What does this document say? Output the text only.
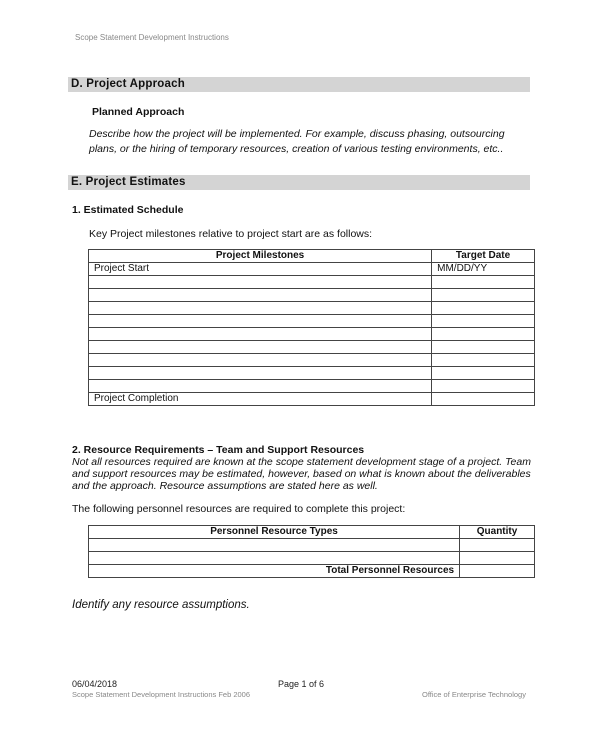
Scope Statement Development Instructions
D. Project Approach
Planned Approach
Describe how the project will be implemented. For example, discuss phasing, outsourcing plans, or the hiring of temporary resources, creation of various testing environments, etc..
E. Project Estimates
1. Estimated Schedule
Key Project milestones relative to project start are as follows:
Project Milestones	Target Date
Project Start	MM/DD/YY

Project Completion	
2. Resource Requirements – Team and Support Resources
Not all resources required are known at the scope statement development stage of a project. Team and support resources may be estimated, however, based on what is known about the deliverables and the approach. Resource assumptions are stated here as well.
The following personnel resources are required to complete this project:
Personnel Resource Types	Quantity

Total Personnel Resources	
Identify any resource assumptions.
06/04/2018
Scope Statement Development Instructions Feb 2006
Page 1 of 6
Office of Enterprise Technology
